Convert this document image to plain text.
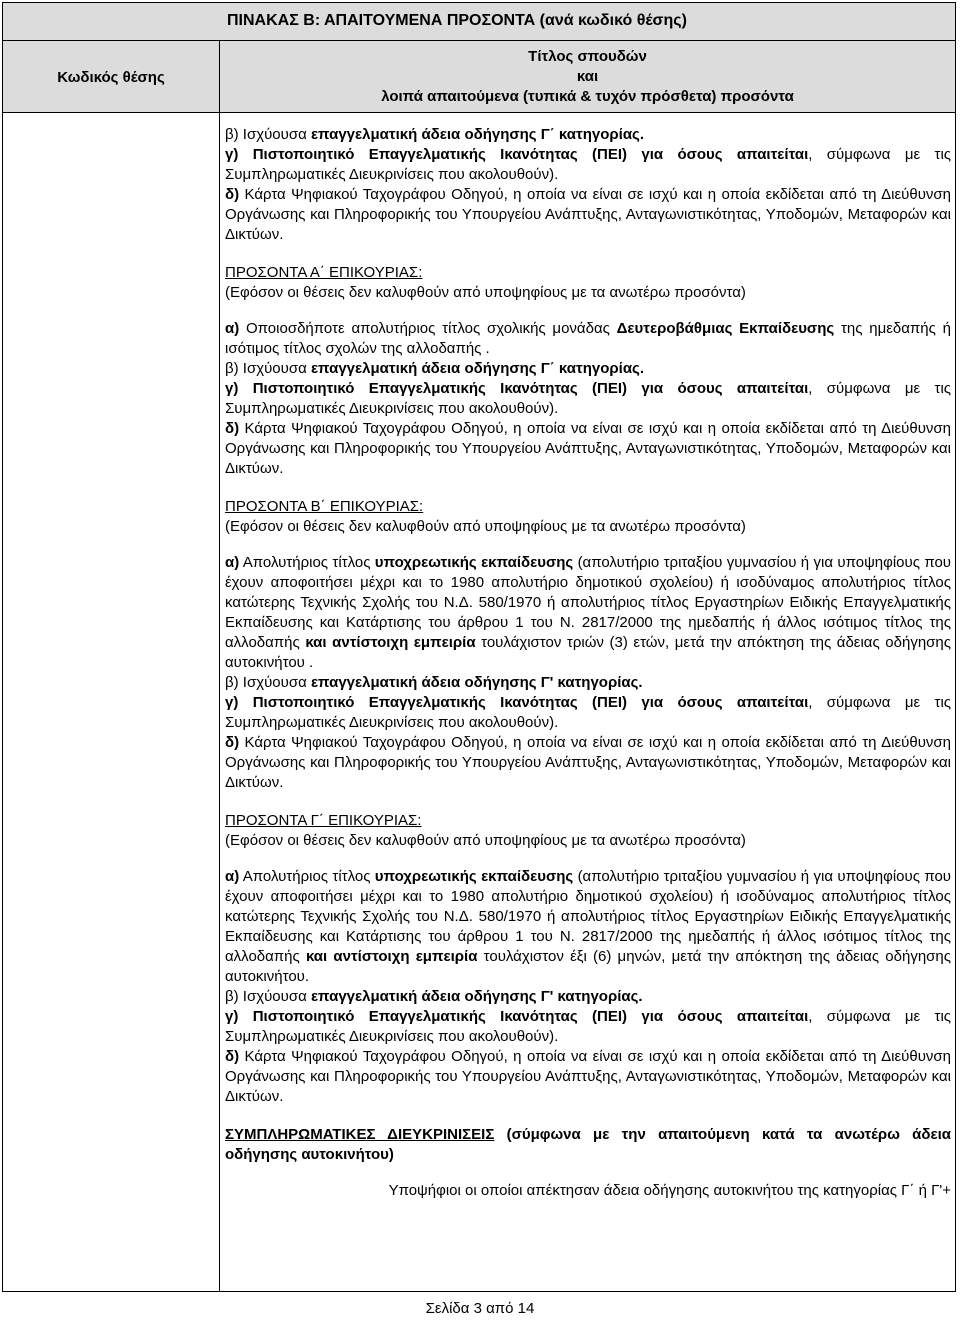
ΠΙΝΑΚΑΣ Β: ΑΠΑΙΤΟΥΜΕΝΑ ΠΡΟΣΟΝΤΑ (ανά κωδικό θέσης)
Κωδικός θέσης
Τίτλος σπουδών
και
λοιπά απαιτούμενα (τυπικά & τυχόν πρόσθετα) προσόντα

β) Ισχύουσα επαγγελματική άδεια οδήγησης Γ΄ κατηγορίας.

γ) Πιστοποιητικό Επαγγελματικής Ικανότητας (ΠΕΙ) για όσους απαιτείται, σύμφωνα με τις Συμπληρωματικές Διευκρινίσεις που ακολουθούν).

δ) Κάρτα Ψηφιακού Ταχογράφου Οδηγού, η οποία να είναι σε ισχύ και η οποία εκδίδεται από τη Διεύθυνση Οργάνωσης και Πληροφορικής του Υπουργείου Ανάπτυξης, Ανταγωνιστικότητας, Υποδομών, Μεταφορών και Δικτύων.

ΠΡΟΣΟΝΤΑ Α΄ ΕΠΙΚΟΥΡΙΑΣ:

(Εφόσον οι θέσεις δεν καλυφθούν από υποψηφίους με τα ανωτέρω προσόντα)

α) Οποιοσδήποτε απολυτήριος τίτλος σχολικής μονάδας Δευτεροβάθμιας Εκπαίδευσης της ημεδαπής ή ισότιμος τίτλος σχολών της αλλοδαπής .

β) Ισχύουσα επαγγελματική άδεια οδήγησης Γ΄ κατηγορίας.

γ) Πιστοποιητικό Επαγγελματικής Ικανότητας (ΠΕΙ) για όσους απαιτείται, σύμφωνα με τις Συμπληρωματικές Διευκρινίσεις που ακολουθούν).

δ) Κάρτα Ψηφιακού Ταχογράφου Οδηγού, η οποία να είναι σε ισχύ και η οποία εκδίδεται από τη Διεύθυνση Οργάνωσης και Πληροφορικής του Υπουργείου Ανάπτυξης, Ανταγωνιστικότητας, Υποδομών, Μεταφορών και Δικτύων.

ΠΡΟΣΟΝΤΑ Β΄ ΕΠΙΚΟΥΡΙΑΣ:

(Εφόσον οι θέσεις δεν καλυφθούν από υποψηφίους με τα ανωτέρω προσόντα)

α) Απολυτήριος τίτλος υποχρεωτικής εκπαίδευσης (απολυτήριο τριταξίου γυμνασίου ή για υποψηφίους που έχουν αποφοιτήσει μέχρι και το 1980 απολυτήριο δημοτικού σχολείου) ή ισοδύναμος απολυτήριος τίτλος κατώτερης Τεχνικής Σχολής του Ν.Δ. 580/1970 ή απολυτήριος τίτλος Εργαστηρίων Ειδικής Επαγγελματικής Εκπαίδευσης και Κατάρτισης του άρθρου 1 του Ν. 2817/2000 της ημεδαπής ή άλλος ισότιμος τίτλος της αλλοδαπής και αντίστοιχη εμπειρία τουλάχιστον τριών (3) ετών, μετά την απόκτηση της άδειας οδήγησης αυτοκινήτου .

β) Ισχύουσα επαγγελματική άδεια οδήγησης Γ' κατηγορίας.

γ) Πιστοποιητικό Επαγγελματικής Ικανότητας (ΠΕΙ) για όσους απαιτείται, σύμφωνα με τις Συμπληρωματικές Διευκρινίσεις που ακολουθούν).

δ) Κάρτα Ψηφιακού Ταχογράφου Οδηγού, η οποία να είναι σε ισχύ και η οποία εκδίδεται από τη Διεύθυνση Οργάνωσης και Πληροφορικής του Υπουργείου Ανάπτυξης, Ανταγωνιστικότητας, Υποδομών, Μεταφορών και Δικτύων.

ΠΡΟΣΟΝΤΑ Γ΄ ΕΠΙΚΟΥΡΙΑΣ:

(Εφόσον οι θέσεις δεν καλυφθούν από υποψηφίους με τα ανωτέρω προσόντα)

α) Απολυτήριος τίτλος υποχρεωτικής εκπαίδευσης (απολυτήριο τριταξίου γυμνασίου ή για υποψηφίους που έχουν αποφοιτήσει μέχρι και το 1980 απολυτήριο δημοτικού σχολείου) ή ισοδύναμος απολυτήριος τίτλος κατώτερης Τεχνικής Σχολής του Ν.Δ. 580/1970 ή απολυτήριος τίτλος Εργαστηρίων Ειδικής Επαγγελματικής Εκπαίδευσης και Κατάρτισης του άρθρου 1 του Ν. 2817/2000 της ημεδαπής ή άλλος ισότιμος τίτλος της αλλοδαπής και αντίστοιχη εμπειρία τουλάχιστον έξι (6) μηνών, μετά την απόκτηση της άδειας οδήγησης αυτοκινήτου.

β) Ισχύουσα επαγγελματική άδεια οδήγησης Γ' κατηγορίας.

γ) Πιστοποιητικό Επαγγελματικής Ικανότητας (ΠΕΙ) για όσους απαιτείται, σύμφωνα με τις Συμπληρωματικές Διευκρινίσεις που ακολουθούν).

δ) Κάρτα Ψηφιακού Ταχογράφου Οδηγού, η οποία να είναι σε ισχύ και η οποία εκδίδεται από τη Διεύθυνση Οργάνωσης και Πληροφορικής του Υπουργείου Ανάπτυξης, Ανταγωνιστικότητας, Υποδομών, Μεταφορών και Δικτύων.

ΣΥΜΠΛΗΡΩΜΑΤΙΚΕΣ ΔΙΕΥΚΡΙΝΙΣΕΙΣ (σύμφωνα με την απαιτούμενη κατά τα ανωτέρω άδεια οδήγησης αυτοκινήτου)

Υποψήφιοι οι οποίοι απέκτησαν άδεια οδήγησης αυτοκινήτου της κατηγορίας Γ΄ ή Γ'+

Σελίδα 3 από 14
